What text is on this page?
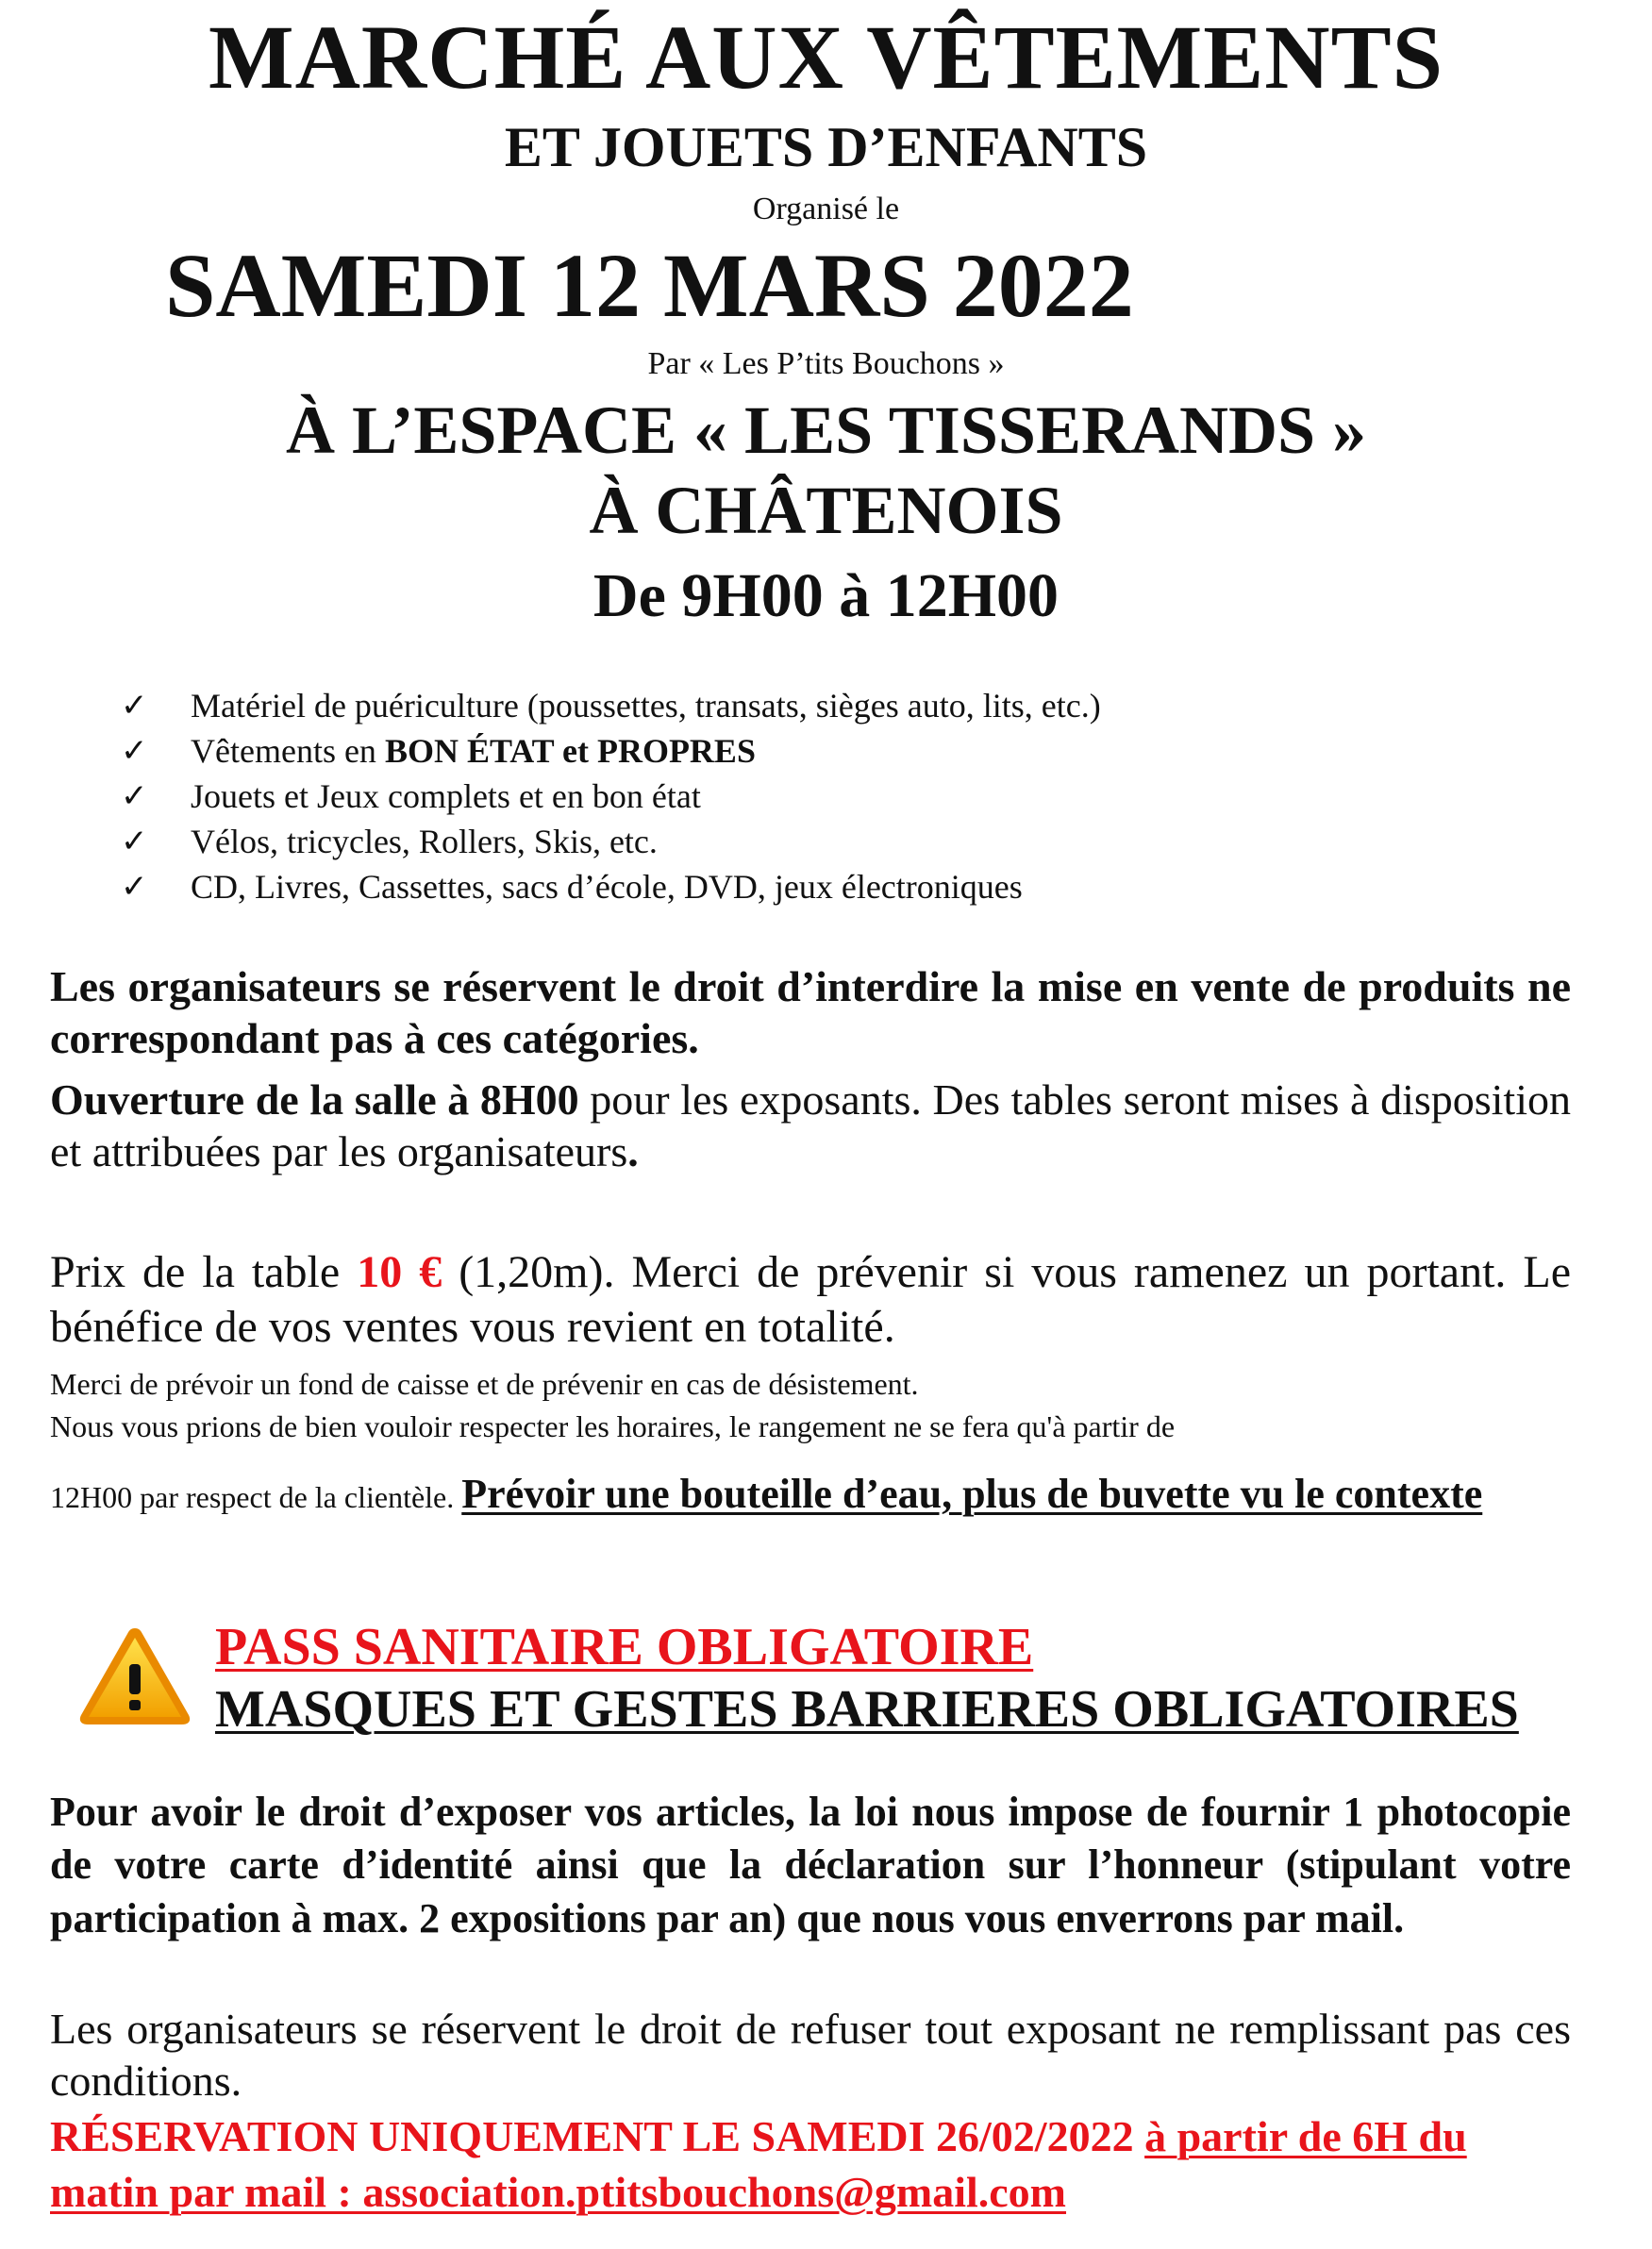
MARCHÉ AUX VÊTEMENTS
ET JOUETS D’ENFANTS
Organisé le
SAMEDI 12 MARS 2022
Par « Les P’tits Bouchons »
À L’ESPACE « LES TISSERANDS »
À CHÂTENOIS
De 9H00 à 12H00
✓	Matériel de puériculture (poussettes, transats, sièges auto, lits, etc.)
✓	Vêtements en BON ÉTAT et PROPRES
✓	Jouets et Jeux complets et en bon état
✓	Vélos, tricycles, Rollers, Skis, etc.
✓	CD, Livres, Cassettes, sacs d’école, DVD, jeux électroniques
Les organisateurs se réservent le droit d’interdire la mise en vente de produits ne correspondant pas à ces catégories.
Ouverture de la salle à 8H00 pour les exposants. Des tables seront mises à disposition et attribuées par les organisateurs.
Prix de la table 10 € (1,20m). Merci de prévenir si vous ramenez un portant. Le bénéfice de vos ventes vous revient en totalité.
Merci de prévoir un fond de caisse et de prévenir en cas de désistement.
Nous vous prions de bien vouloir respecter les horaires, le rangement ne se fera qu'à partir de
12H00 par respect de la clientèle. Prévoir une bouteille d’eau, plus de buvette vu le contexte
PASS SANITAIRE OBLIGATOIRE
MASQUES ET GESTES BARRIERES OBLIGATOIRES
Pour avoir le droit d’exposer vos articles, la loi nous impose de fournir 1 photocopie de votre carte d’identité ainsi que la déclaration sur l’honneur (stipulant votre participation à max. 2 expositions par an) que nous vous enverrons par mail.
Les organisateurs se réservent le droit de refuser tout exposant ne remplissant pas ces conditions.
RÉSERVATION UNIQUEMENT LE SAMEDI 26/02/2022 à partir de 6H du matin par mail : association.ptitsbouchons@gmail.com
